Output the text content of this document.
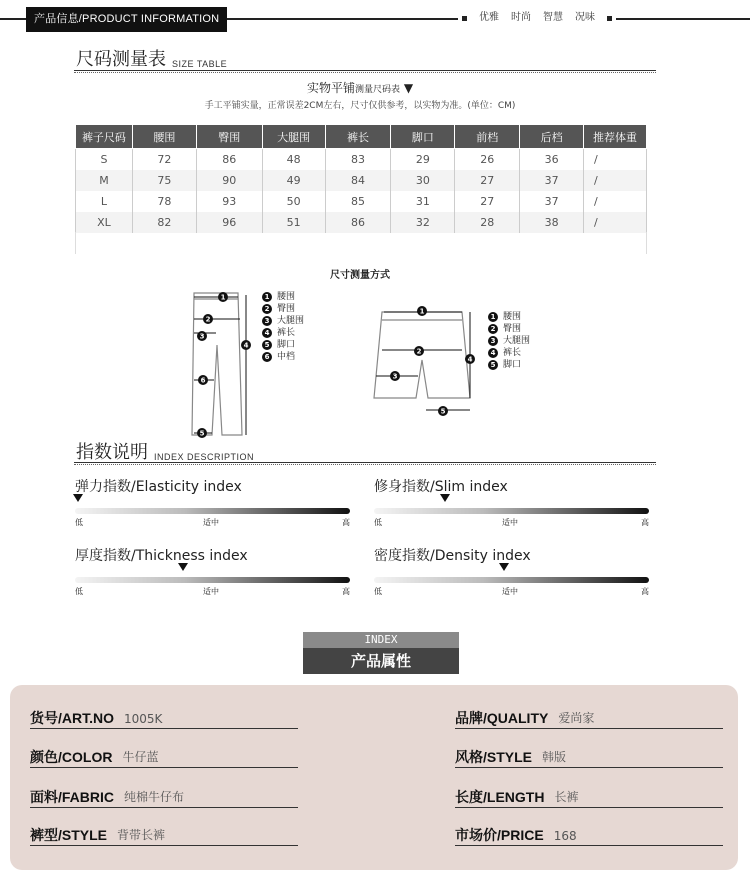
产品信息/PRODUCT INFORMATION	优雅 时尚 智慧 况味
尺码测量表 SIZE TABLE
实物平铺测量尺码表 ▼
手工平铺实量，正常误差2CM左右，尺寸仅供参考，以实物为准。(单位：CM)
裤子尺码	腰围	臀围	大腿围	裤长	脚口	前档	后档	推荐体重
S	72	86	48	83	29	26	36	/
M	75	90	49	84	30	27	37	/
L	78	93	50	85	31	27	37	/
XL	82	96	51	86	32	28	38	/
尺寸测量方式
1
2
3
4
5
6
1 腰围
2 臀围
3 大腿围
4 裤长
5 脚口
6 中档
1
2
3
4
5
1 腰围
2 臀围
3 大腿围
4 裤长
5 脚口
指数说明 INDEX DESCRIPTION
弹力指数/Elasticity index
低	适中	高
修身指数/Slim index
低	适中	高
厚度指数/Thickness index
低	适中	高
密度指数/Density index
低	适中	高
INDEX
产品属性
货号/ART.NO 1005K
颜色/COLOR 牛仔蓝
面料/FABRIC 纯棉牛仔布
裤型/STYLE 背带长裤
品牌/QUALITY 爱尚家
风格/STYLE 韩版
长度/LENGTH 长裤
市场价/PRICE 168
